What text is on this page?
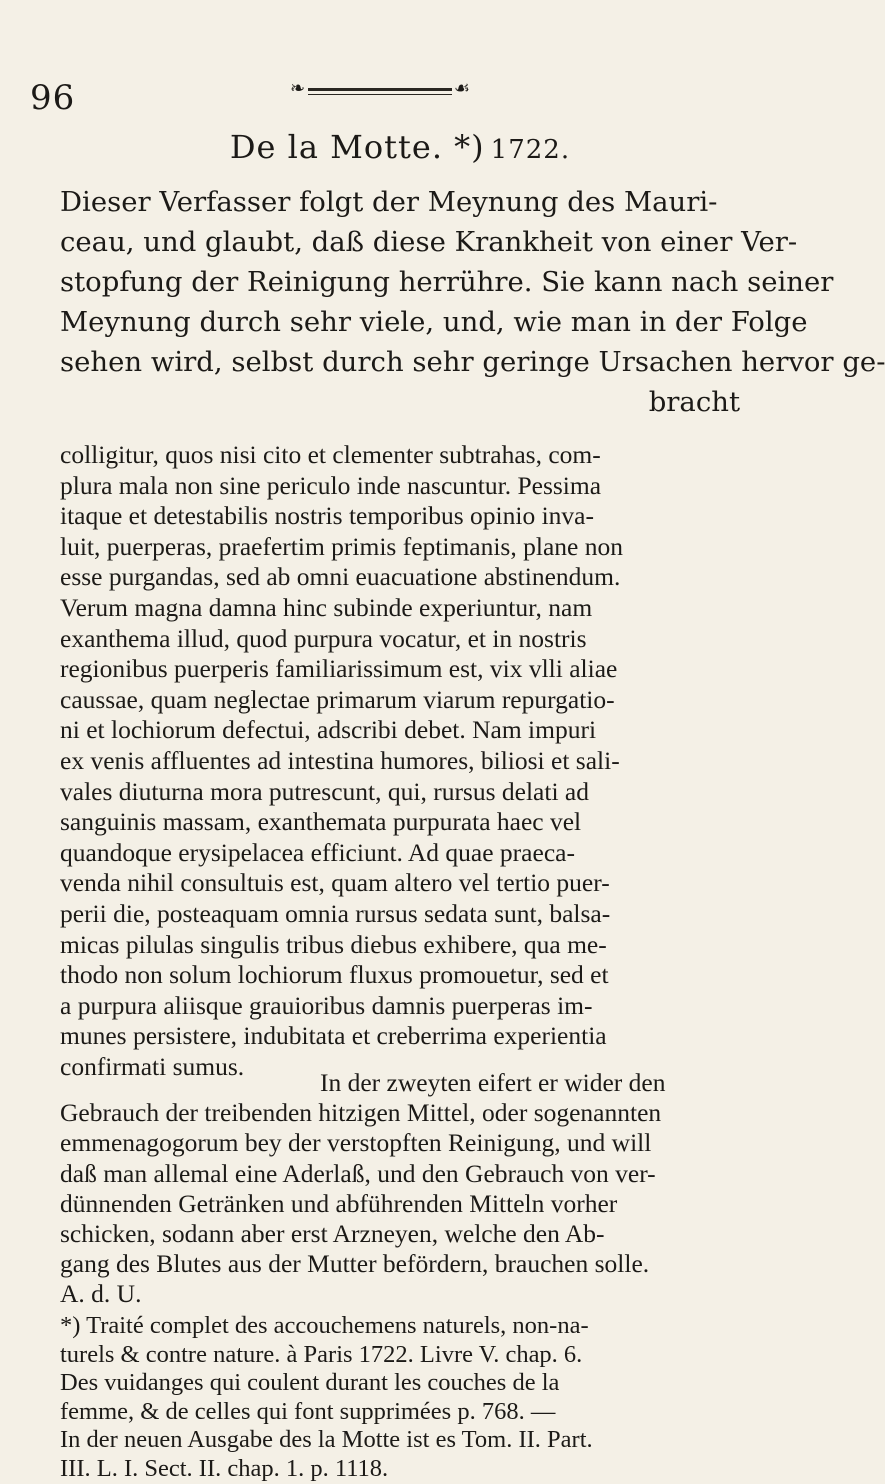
96	❧	☙
De la Motte. *) 1722.
Dieser Verfasser folgt der Meynung des Mauri-
ceau, und glaubt, daß diese Krankheit von einer Ver-
stopfung der Reinigung herrühre. Sie kann nach seiner
Meynung durch sehr viele, und, wie man in der Folge
sehen wird, selbst durch sehr geringe Ursachen hervor ge-
bracht
colligitur, quos nisi cito et clementer subtrahas, com-
plura mala non sine periculo inde nascuntur. Pessima
itaque et detestabilis nostris temporibus opinio inva-
luit, puerperas, praefertim primis feptimanis, plane non
esse purgandas, sed ab omni euacuatione abstinendum.
Verum magna damna hinc subinde experiuntur, nam
exanthema illud, quod purpura vocatur, et in nostris
regionibus puerperis familiarissimum est, vix vlli aliae
caussae, quam neglectae primarum viarum repurgatio-
ni et lochiorum defectui, adscribi debet. Nam impuri
ex venis affluentes ad intestina humores, biliosi et sali-
vales diuturna mora putrescunt, qui, rursus delati ad
sanguinis massam, exanthemata purpurata haec vel
quandoque erysipelacea efficiunt. Ad quae praeca-
venda nihil consultuis est, quam altero vel tertio puer-
perii die, posteaquam omnia rursus sedata sunt, balsa-
micas pilulas singulis tribus diebus exhibere, qua me-
thodo non solum lochiorum fluxus promouetur, sed et
a purpura aliisque grauioribus damnis puerperas im-
munes persistere, indubitata et creberrima experientia
confirmati sumus.
In der zweyten eifert er wider den
Gebrauch der treibenden hitzigen Mittel, oder sogenannten
emmenagogorum bey der verstopften Reinigung, und will
daß man allemal eine Aderlaß, und den Gebrauch von ver-
dünnenden Getränken und abführenden Mitteln vorher
schicken, sodann aber erst Arzneyen, welche den Ab-
gang des Blutes aus der Mutter befördern, brauchen solle.
A. d. U.
*) Traité complet des accouchemens naturels, non-na-
turels & contre nature. à Paris 1722. Livre V. chap. 6.
Des vuidanges qui coulent durant les couches de la
femme, & de celles qui font supprimées p. 768. —
In der neuen Ausgabe des la Motte ist es Tom. II. Part.
III. L. I. Sect. II. chap. 1. p. 1118.
